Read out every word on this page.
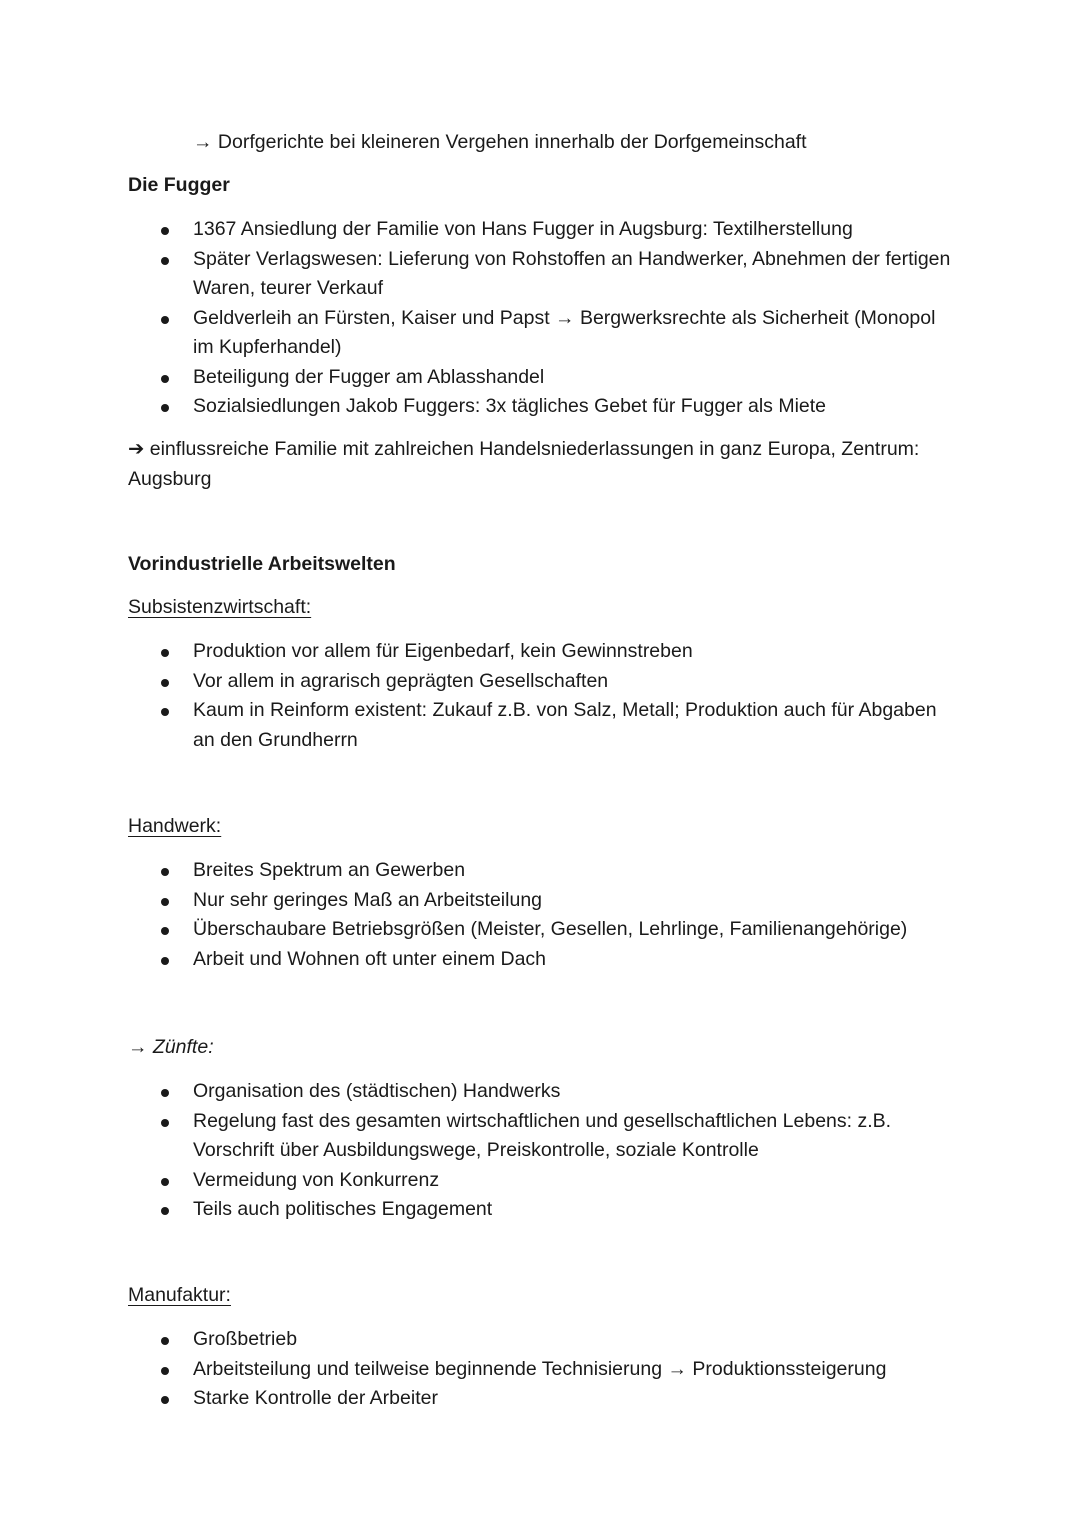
→ Dorfgerichte bei kleineren Vergehen innerhalb der Dorfgemeinschaft
Die Fugger
1367 Ansiedlung der Familie von Hans Fugger in Augsburg: Textilherstellung
Später Verlagswesen: Lieferung von Rohstoffen an Handwerker, Abnehmen der fertigen Waren, teurer Verkauf
Geldverleih an Fürsten, Kaiser und Papst → Bergwerksrechte als Sicherheit (Monopol im Kupferhandel)
Beteiligung der Fugger am Ablasshandel
Sozialsiedlungen Jakob Fuggers: 3x tägliches Gebet für Fugger als Miete
➔ einflussreiche Familie mit zahlreichen Handelsniederlassungen in ganz Europa, Zentrum: Augsburg
Vorindustrielle Arbeitswelten
Subsistenzwirtschaft:
Produktion vor allem für Eigenbedarf, kein Gewinnstreben
Vor allem in agrarisch geprägten Gesellschaften
Kaum in Reinform existent: Zukauf z.B. von Salz, Metall; Produktion auch für Abgaben an den Grundherrn
Handwerk:
Breites Spektrum an Gewerben
Nur sehr geringes Maß an Arbeitsteilung
Überschaubare Betriebsgrößen (Meister, Gesellen, Lehrlinge, Familienangehörige)
Arbeit und Wohnen oft unter einem Dach
→ Zünfte:
Organisation des (städtischen) Handwerks
Regelung fast des gesamten wirtschaftlichen und gesellschaftlichen Lebens: z.B. Vorschrift über Ausbildungswege, Preiskontrolle, soziale Kontrolle
Vermeidung von Konkurrenz
Teils auch politisches Engagement
Manufaktur:
Großbetrieb
Arbeitsteilung und teilweise beginnende Technisierung → Produktionssteigerung
Starke Kontrolle der Arbeiter
